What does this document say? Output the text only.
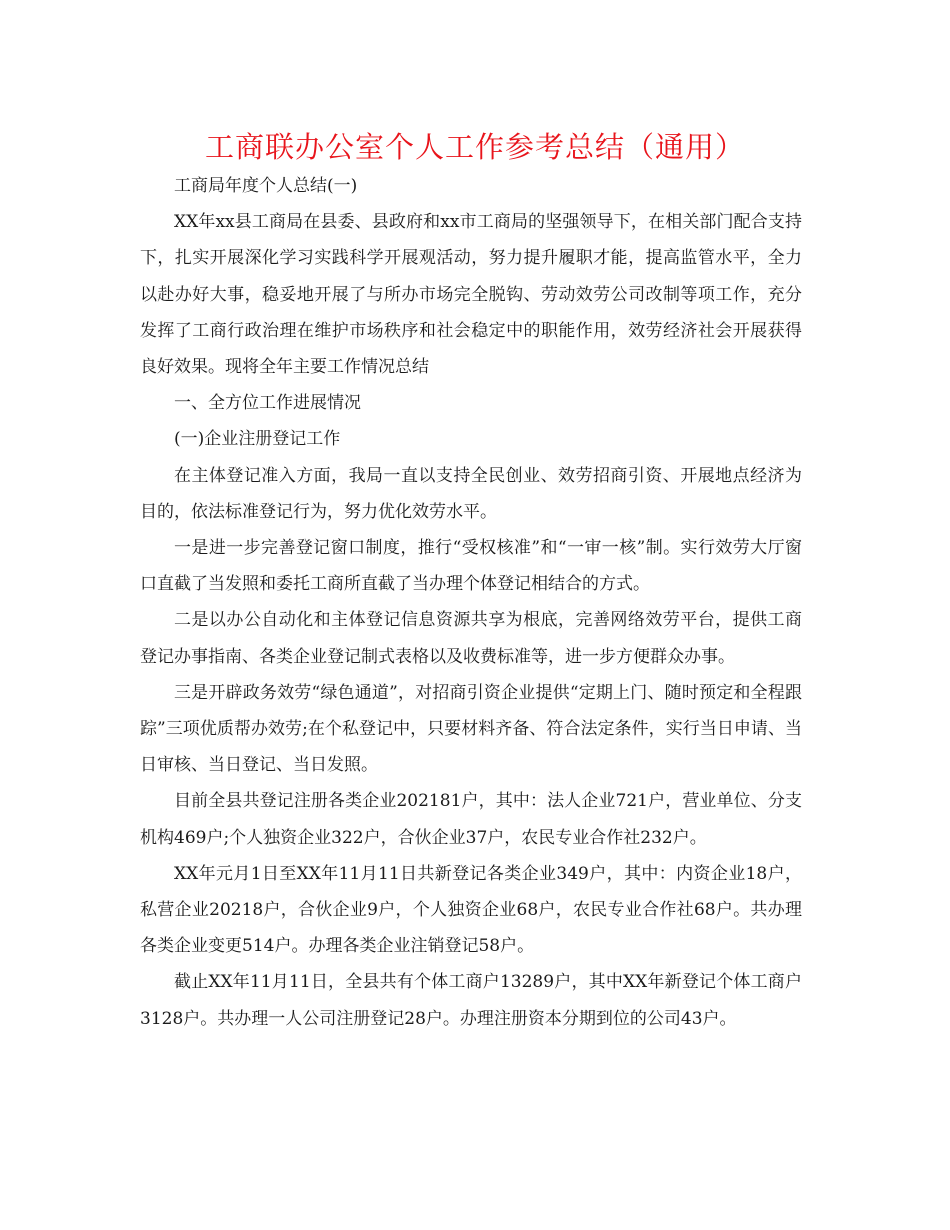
工商联办公室个人工作参考总结（通用）

工商局年度个人总结(一)

XX年xx县工商局在县委、县政府和xx市工商局的坚强领导下，在相关部门配合支持下，扎实开展深化学习实践科学开展观活动，努力提升履职才能，提高监管水平，全力以赴办好大事，稳妥地开展了与所办市场完全脱钩、劳动效劳公司改制等项工作，充分发挥了工商行政治理在维护市场秩序和社会稳定中的职能作用，效劳经济社会开展获得良好效果。现将全年主要工作情况总结

一、全方位工作进展情况

(一)企业注册登记工作

在主体登记准入方面，我局一直以支持全民创业、效劳招商引资、开展地点经济为目的，依法标准登记行为，努力优化效劳水平。

一是进一步完善登记窗口制度，推行“受权核准”和“一审一核”制。实行效劳大厅窗口直截了当发照和委托工商所直截了当办理个体登记相结合的方式。

二是以办公自动化和主体登记信息资源共享为根底，完善网络效劳平台，提供工商登记办事指南、各类企业登记制式表格以及收费标准等，进一步方便群众办事。

三是开辟政务效劳“绿色通道”，对招商引资企业提供“定期上门、随时预定和全程跟踪”三项优质帮办效劳;在个私登记中，只要材料齐备、符合法定条件，实行当日申请、当日审核、当日登记、当日发照。

目前全县共登记注册各类企业202181户，其中：法人企业721户，营业单位、分支机构469户;个人独资企业322户，合伙企业37户，农民专业合作社232户。

XX年元月1日至XX年11月11日共新登记各类企业349户，其中：内资企业18户，私营企业20218户，合伙企业9户，个人独资企业68户，农民专业合作社68户。共办理各类企业变更514户。办理各类企业注销登记58户。

截止XX年11月11日，全县共有个体工商户13289户，其中XX年新登记个体工商户3128户。共办理一人公司注册登记28户。办理注册资本分期到位的公司43户。
